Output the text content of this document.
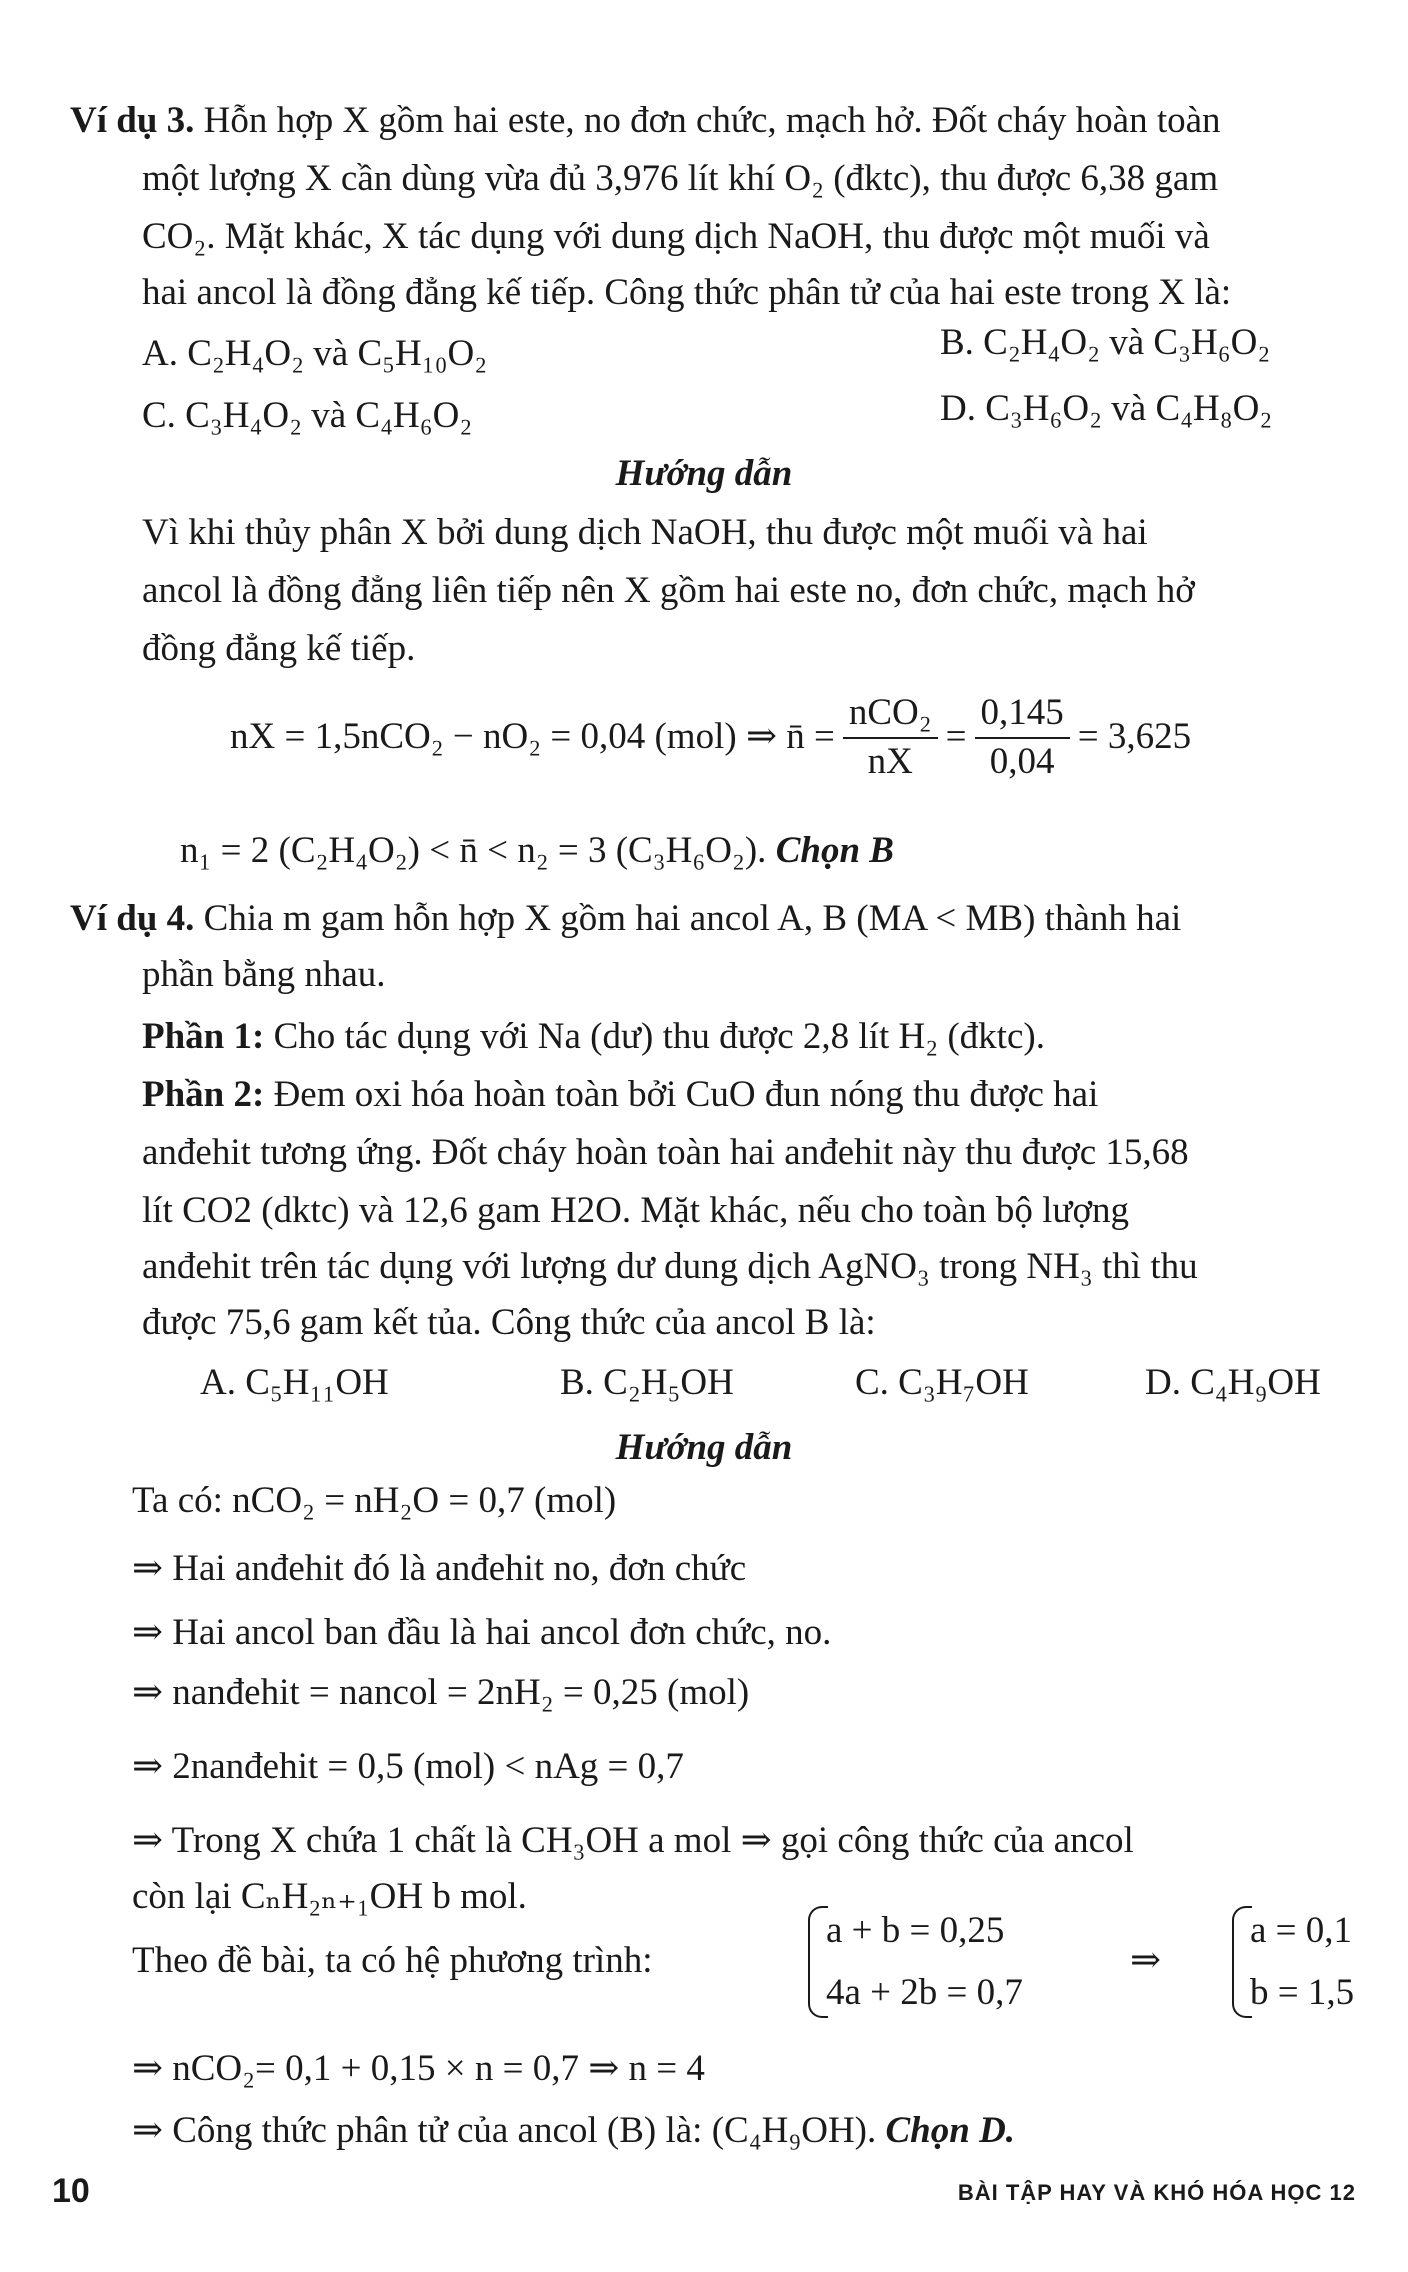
Ví dụ 3. Hỗn hợp X gồm hai este, no đơn chức, mạch hở. Đốt cháy hoàn toàn
một lượng X cần dùng vừa đủ 3,976 lít khí O₂ (đktc), thu được 6,38 gam
CO₂. Mặt khác, X tác dụng với dung dịch NaOH, thu được một muối và
hai ancol là đồng đẳng kế tiếp. Công thức phân tử của hai este trong X là:
A. C₂H₄O₂ và C₅H₁₀O₂	B. C₂H₄O₂ và C₃H₆O₂
C. C₃H₄O₂ và C₄H₆O₂	D. C₃H₆O₂ và C₄H₈O₂
Hướng dẫn
Vì khi thủy phân X bởi dung dịch NaOH, thu được một muối và hai
ancol là đồng đẳng liên tiếp nên X gồm hai este no, đơn chức, mạch hở
đồng đẳng kế tiếp.
nX = 1,5nCO₂ − nO₂ = 0,04 (mol) ⇒ n̄ = $\frac{\text{nCO₂}}{nX} = \frac{0,145}{0,04} = 3,625$
n₁ = 2 (C₂H₄O₂) < n̄ < n₂ = 3 (C₃H₆O₂). Chọn B
Ví dụ 4. Chia m gam hỗn hợp X gồm hai ancol A, B (MA < MB) thành hai
phần bằng nhau.
Phần 1: Cho tác dụng với Na (dư) thu được 2,8 lít H₂ (đktc).
Phần 2: Đem oxi hóa hoàn toàn bởi CuO đun nóng thu được hai
anđehit tương ứng. Đốt cháy hoàn toàn hai anđehit này thu được 15,68
lít CO2 (dktc) và 12,6 gam H2O. Mặt khác, nếu cho toàn bộ lượng
anđehit trên tác dụng với lượng dư dung dịch AgNO₃ trong NH₃ thì thu
được 75,6 gam kết tủa. Công thức của ancol B là:
A. C₅H₁₁OH	B. C₂H₅OH	C. C₃H₇OH	D. C₄H₉OH
Hướng dẫn
Ta có: nCO₂ = nH₂O = 0,7 (mol)
⇒ Hai anđehit đó là anđehit no, đơn chức
⇒ Hai ancol ban đầu là hai ancol đơn chức, no.
⇒ nanđehit = nancol = 2nH₂ = 0,25 (mol)
⇒ 2nanđehit = 0,5 (mol) < nAg = 0,7
⇒ Trong X chứa 1 chất là CH₃OH a mol ⇒ gọi công thức của ancol
còn lại CₙH₂ₙ₊₁OH b mol.
Theo đề bài, ta có hệ phương trình:
a + b = 0,25
4a + 2b = 0,7
⇒
a = 0,1
b = 1,5
⇒ nCO₂= 0,1 + 0,15 × n = 0,7 ⇒ n = 4
⇒ Công thức phân tử của ancol (B) là: (C₄H₉OH). Chọn D.
10	BÀI TẬP HAY VÀ KHÓ HÓA HỌC 12
